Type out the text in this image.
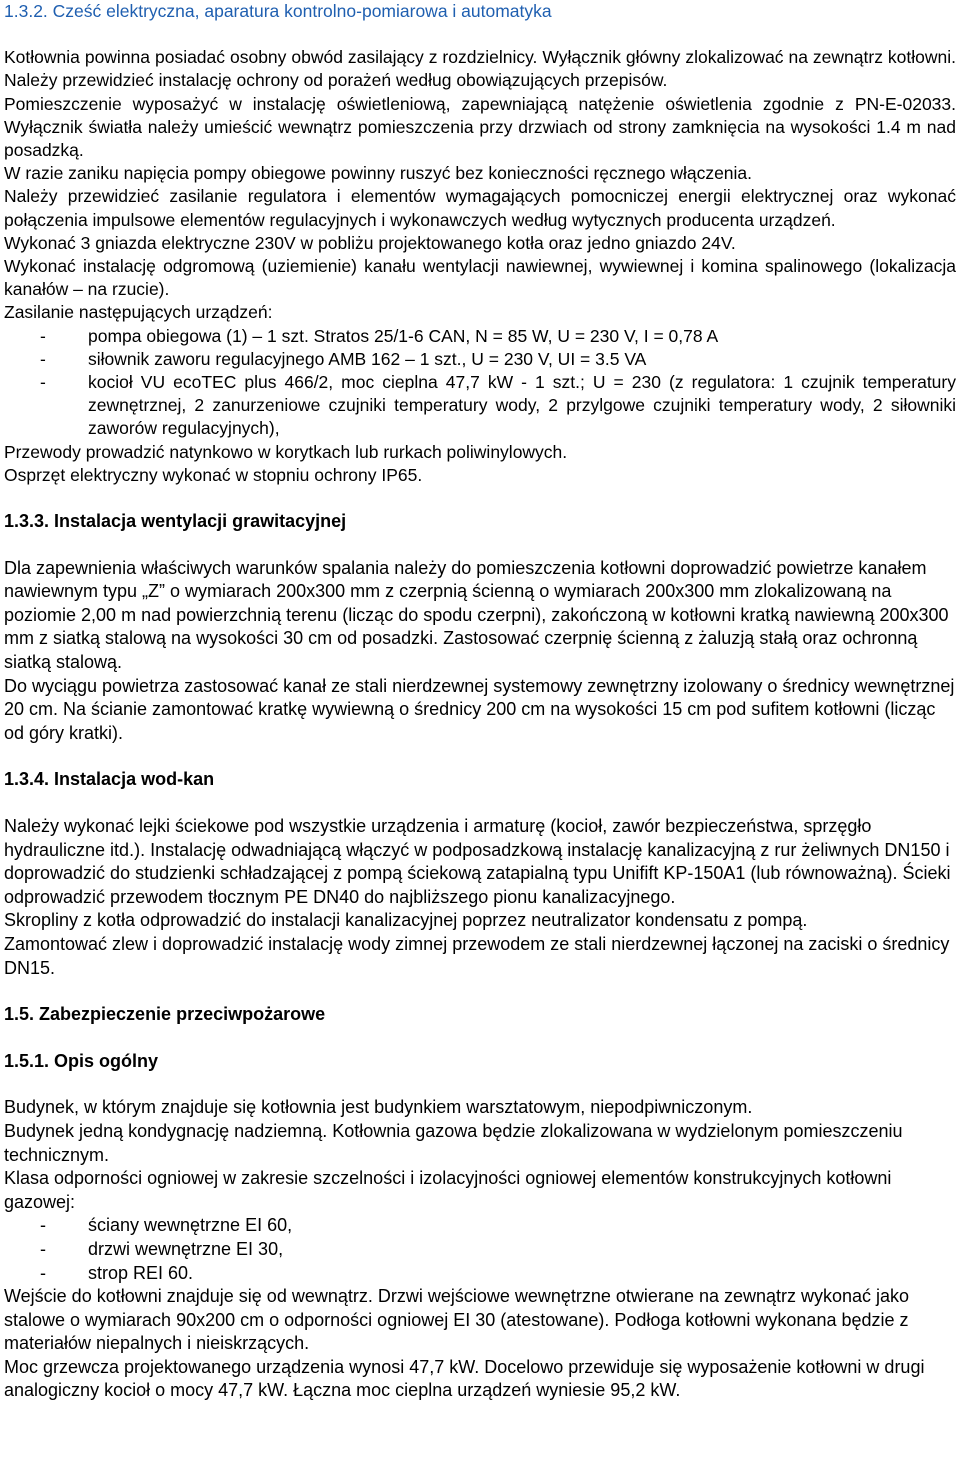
1.3.2. Cześć elektryczna, aparatura kontrolno-pomiarowa i automatyka

Kotłownia powinna posiadać osobny obwód zasilający z rozdzielnicy. Wyłącznik główny zlokalizować na zewnątrz kotłowni. Należy przewidzieć instalację ochrony od porażeń według obowiązujących przepisów.

Pomieszczenie wyposażyć w instalację oświetleniową, zapewniającą natężenie oświetlenia zgodnie z PN-E-02033. Wyłącznik światła należy umieścić wewnątrz pomieszczenia przy drzwiach od strony zamknięcia na wysokości 1.4 m nad posadzką.

W razie zaniku napięcia pompy obiegowe powinny ruszyć bez konieczności ręcznego włączenia.

Należy przewidzieć zasilanie regulatora i elementów wymagających pomocniczej energii elektrycznej oraz wykonać połączenia impulsowe elementów regulacyjnych i wykonawczych według wytycznych producenta urządzeń.

Wykonać 3 gniazda elektryczne 230V w pobliżu projektowanego kotła oraz jedno gniazdo 24V.

Wykonać instalację odgromową (uziemienie) kanału wentylacji nawiewnej, wywiewnej i komina spalinowego (lokalizacja kanałów – na rzucie).

Zasilanie następujących urządzeń:

-	pompa obiegowa (1) – 1 szt. Stratos 25/1-6 CAN, N = 85 W, U = 230 V, I = 0,78 A
-	siłownik zaworu regulacyjnego AMB 162 – 1 szt., U = 230 V, UI = 3.5 VA
-	kocioł VU ecoTEC plus 466/2, moc cieplna 47,7 kW - 1 szt.; U = 230 (z regulatora: 1 czujnik temperatury zewnętrznej, 2 zanurzeniowe czujniki temperatury wody, 2 przylgowe czujniki temperatury wody, 2 siłowniki zaworów regulacyjnych),

Przewody prowadzić natynkowo w korytkach lub rurkach poliwinylowych.

Osprzęt elektryczny wykonać w stopniu ochrony IP65.

1.3.3. Instalacja wentylacji grawitacyjnej

Dla zapewnienia właściwych warunków spalania należy do pomieszczenia kotłowni doprowadzić powietrze kanałem nawiewnym typu „Z” o wymiarach 200x300 mm z czerpnią ścienną o wymiarach 200x300 mm zlokalizowaną na poziomie 2,00 m nad powierzchnią terenu (licząc do spodu czerpni), zakończoną w kotłowni kratką nawiewną 200x300 mm z siatką stalową na wysokości 30 cm od posadzki. Zastosować czerpnię ścienną z żaluzją stałą oraz ochronną siatką stalową.

Do wyciągu powietrza zastosować kanał ze stali nierdzewnej systemowy zewnętrzny izolowany o średnicy wewnętrznej 20 cm. Na ścianie zamontować kratkę wywiewną o średnicy 200 cm na wysokości 15 cm pod sufitem kotłowni (licząc od góry kratki).

1.3.4. Instalacja wod-kan

Należy wykonać lejki ściekowe pod wszystkie urządzenia i armaturę (kocioł, zawór bezpieczeństwa, sprzęgło hydrauliczne itd.). Instalację odwadniającą włączyć w podposadzkową instalację kanalizacyjną z rur żeliwnych DN150 i doprowadzić do studzienki schładzającej z pompą ściekową zatapialną typu Unifift KP-150A1 (lub równoważną). Ścieki odprowadzić przewodem tłocznym PE DN40 do najbliższego pionu kanalizacyjnego.

Skropliny z kotła odprowadzić do instalacji kanalizacyjnej poprzez neutralizator kondensatu z pompą.

Zamontować zlew i doprowadzić instalację wody zimnej przewodem ze stali nierdzewnej łączonej na zaciski o średnicy DN15.

1.5. Zabezpieczenie przeciwpożarowe

1.5.1. Opis ogólny

Budynek, w którym znajduje się kotłownia jest budynkiem warsztatowym, niepodpiwniczonym.

Budynek jedną kondygnację nadziemną. Kotłownia gazowa będzie zlokalizowana w wydzielonym pomieszczeniu technicznym.

Klasa odporności ogniowej w zakresie szczelności i izolacyjności ogniowej elementów konstrukcyjnych kotłowni gazowej:

-	ściany wewnętrzne EI 60,
-	drzwi wewnętrzne EI 30,
-	strop REI 60.

Wejście do kotłowni znajduje się od wewnątrz. Drzwi wejściowe wewnętrzne otwierane na zewnątrz wykonać jako stalowe o wymiarach 90x200 cm o odporności ogniowej EI 30 (atestowane). Podłoga kotłowni wykonana będzie z materiałów niepalnych i nieiskrzących.

Moc grzewcza projektowanego urządzenia wynosi 47,7 kW. Docelowo przewiduje się wyposażenie kotłowni w drugi analogiczny kocioł o mocy 47,7 kW. Łączna moc cieplna urządzeń wyniesie 95,2 kW.
